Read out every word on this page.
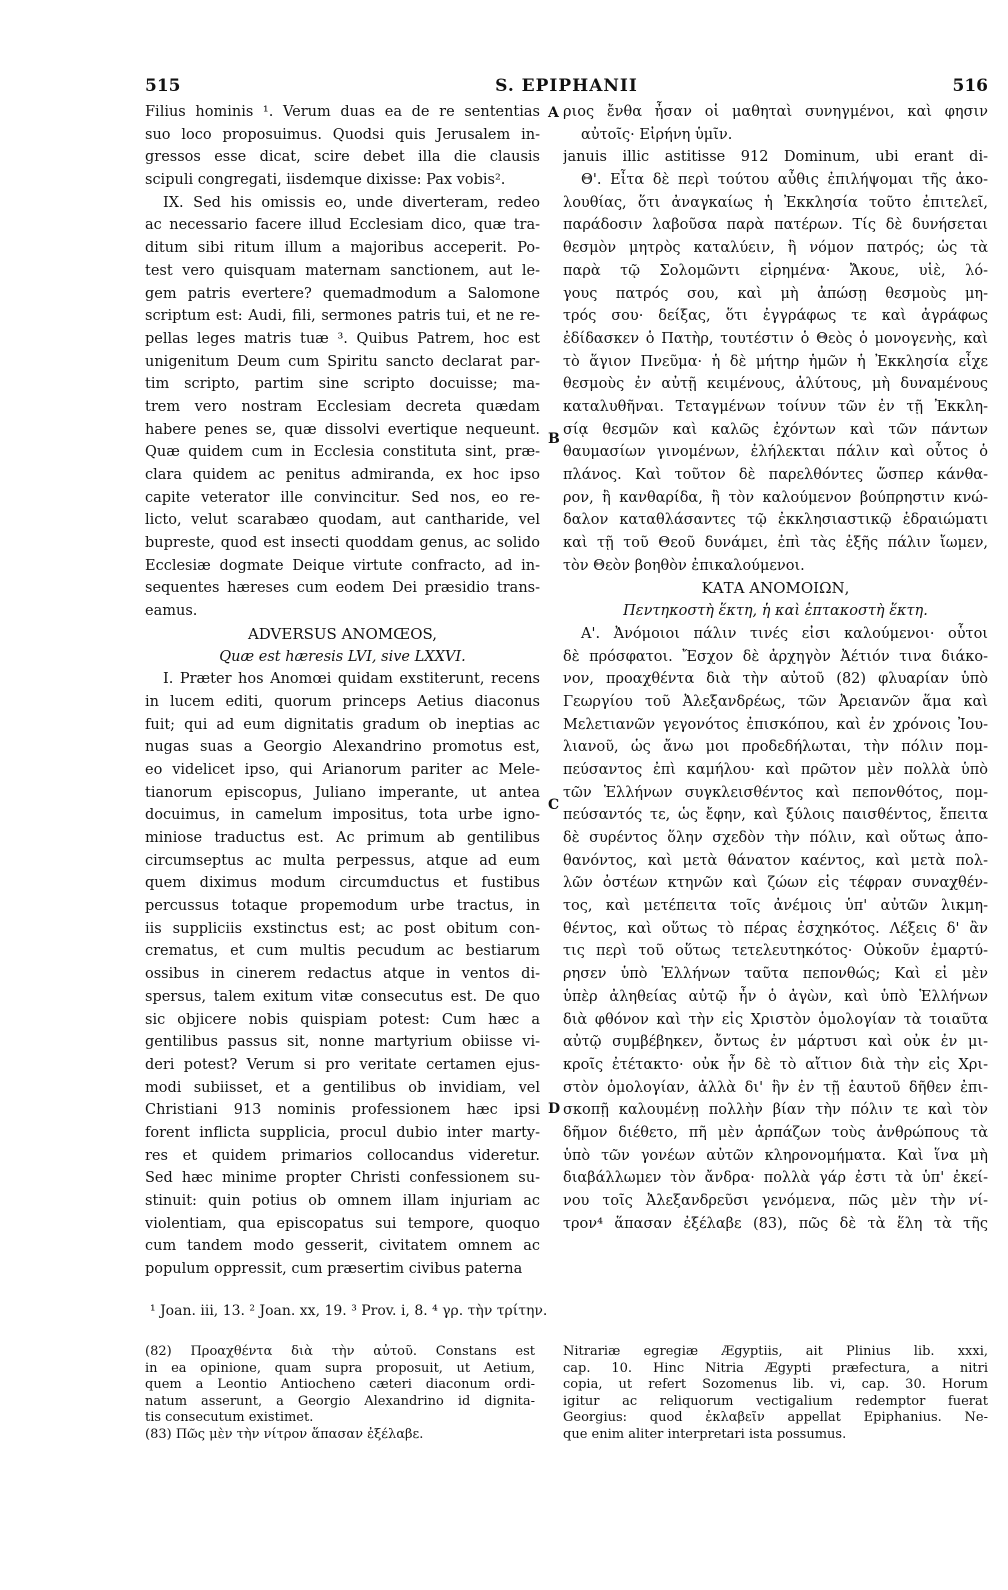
515	S. EPIPHANII	516
Filius hominis ¹. Verum duas ea de re sententias
suo loco proposuimus. Quodsi quis Jerusalem in-
gressos esse dicat, scire debet illa die clausis
scipuli congregati, iisdemque dixisse: Pax vobis².
IX. Sed his omissis eo, unde diverteram, redeo
ac necessario facere illud Ecclesiam dico, quæ tra-
ditum sibi ritum illum a majoribus acceperit. Po-
test vero quisquam maternam sanctionem, aut le-
gem patris evertere? quemadmodum a Salomone
scriptum est: Audi, fili, sermones patris tui, et ne re-
pellas leges matris tuæ ³. Quibus Patrem, hoc est
unigenitum Deum cum Spiritu sancto declarat par-
tim scripto, partim sine scripto docuisse; ma-
trem vero nostram Ecclesiam decreta quædam
habere penes se, quæ dissolvi evertique nequeunt.
Quæ quidem cum in Ecclesia constituta sint, præ-
clara quidem ac penitus admiranda, ex hoc ipso
capite veterator ille convincitur. Sed nos, eo re-
licto, velut scarabæo quodam, aut cantharide, vel
bupreste, quod est insecti quoddam genus, ac solido
Ecclesiæ dogmate Deique virtute confracto, ad in-
sequentes hæreses cum eodem Dei præsidio trans-
eamus.
ADVERSUS ANOMŒOS,
Quæ est hæresis LVI, sive LXXVI.
I. Præter hos Anomœi quidam exstiterunt, recens
in lucem editi, quorum princeps Aetius diaconus
fuit; qui ad eum dignitatis gradum ob ineptias ac
nugas suas a Georgio Alexandrino promotus est,
eo videlicet ipso, qui Arianorum pariter ac Mele-
tianorum episcopus, Juliano imperante, ut antea
docuimus, in camelum impositus, tota urbe igno-
miniose traductus est. Ac primum ab gentilibus
circumseptus ac multa perpessus, atque ad eum
quem diximus modum circumductus et fustibus
percussus totaque propemodum urbe tractus, in
iis suppliciis exstinctus est; ac post obitum con-
crematus, et cum multis pecudum ac bestiarum
ossibus in cinerem redactus atque in ventos di-
spersus, talem exitum vitæ consecutus est. De quo
sic objicere nobis quispiam potest: Cum hæc a
gentilibus passus sit, nonne martyrium obiisse vi-
deri potest? Verum si pro veritate certamen ejus-
modi subiisset, et a gentilibus ob invidiam, vel
Christiani 913 nominis professionem hæc ipsi
forent inflicta supplicia, procul dubio inter marty-
res et quidem primarios collocandus videretur.
Sed hæc minime propter Christi confessionem su-
stinuit: quin potius ob omnem illam injuriam ac
violentiam, qua episcopatus sui tempore, quoquo
cum tandem modo gesserit, civitatem omnem ac
populum oppressit, cum præsertim civibus paterna
ριος ἔνθα ἦσαν οἱ μαθηταὶ συνηγμένοι, καὶ φησιν
αὐτοῖς· Εἰρήνη ὑμῖν.
januis illic astitisse 912 Dominum, ubi erant di-
Θ'. Εἶτα δὲ περὶ τούτου αὖθις ἐπιλήψομαι τῆς ἀκο-
λουθίας, ὅτι ἀναγκαίως ἡ Ἐκκλησία τοῦτο ἐπιτελεῖ,
παράδοσιν λαβοῦσα παρὰ πατέρων. Τίς δὲ δυνήσεται
θεσμὸν μητρὸς καταλύειν, ἢ νόμον πατρός; ὡς τὰ
παρὰ τῷ Σολομῶντι εἰρημένα· Ἄκουε, υἱὲ, λό-
γους πατρός σου, καὶ μὴ ἀπώσῃ θεσμοὺς μη-
τρός σου· δείξας, ὅτι ἐγγράφως τε καὶ ἀγράφως
ἐδίδασκεν ὁ Πατὴρ, τουτέστιν ὁ Θεὸς ὁ μονογενὴς, καὶ
τὸ ἅγιον Πνεῦμα· ἡ δὲ μήτηρ ἡμῶν ἡ Ἐκκλησία εἶχε
θεσμοὺς ἐν αὐτῇ κειμένους, ἀλύτους, μὴ δυναμένους
καταλυθῆναι. Τεταγμένων τοίνυν τῶν ἐν τῇ Ἐκκλη-
σίᾳ θεσμῶν καὶ καλῶς ἐχόντων καὶ τῶν πάντων
θαυμασίων γινομένων, ἐλήλεκται πάλιν καὶ οὗτος ὁ
πλάνος. Καὶ τοῦτον δὲ παρελθόντες ὥσπερ κάνθα-
ρον, ἢ κανθαρίδα, ἢ τὸν καλούμενον βούπρηστιν κνώ-
δαλον καταθλάσαντες τῷ ἐκκλησιαστικῷ ἑδραιώματι
καὶ τῇ τοῦ Θεοῦ δυνάμει, ἐπὶ τὰς ἑξῆς πάλιν ἴωμεν,
τὸν Θεὸν βοηθὸν ἐπικαλούμενοι.
ΚΑΤΑ ΑΝΟΜΟΙΩΝ,
Πεντηκοστὴ ἕκτη, ἡ καὶ ἑπτακοστὴ ἕκτη.
Α'. Ἀνόμοιοι πάλιν τινές εἰσι καλούμενοι· οὗτοι
δὲ πρόσφατοι. Ἔσχον δὲ ἀρχηγὸν Ἀέτιόν τινα διάκο-
νον, προαχθέντα διὰ τὴν αὐτοῦ (82) φλυαρίαν ὑπὸ
Γεωργίου τοῦ Ἀλεξανδρέως, τῶν Ἀρειανῶν ἅμα καὶ
Μελετιανῶν γεγονότος ἐπισκόπου, καὶ ἐν χρόνοις Ἰου-
λιανοῦ, ὡς ἄνω μοι προδεδήλωται, τὴν πόλιν πομ-
πεύσαντος ἐπὶ καμήλου· καὶ πρῶτον μὲν πολλὰ ὑπὸ
τῶν Ἑλλήνων συγκλεισθέντος καὶ πεπονθότος, πομ-
πεύσαντός τε, ὡς ἔφην, καὶ ξύλοις παισθέντος, ἔπειτα
δὲ συρέντος ὅλην σχεδὸν τὴν πόλιν, καὶ οὕτως ἀπο-
θανόντος, καὶ μετὰ θάνατον καέντος, καὶ μετὰ πολ-
λῶν ὀστέων κτηνῶν καὶ ζώων εἰς τέφραν συναχθέν-
τος, καὶ μετέπειτα τοῖς ἀνέμοις ὑπ' αὐτῶν λικμη-
θέντος, καὶ οὕτως τὸ πέρας ἐσχηκότος. Λέξεις δ' ἂν
τις περὶ τοῦ οὕτως τετελευτηκότος· Οὐκοῦν ἐμαρτύ-
ρησεν ὑπὸ Ἑλλήνων ταῦτα πεπονθώς; Καὶ εἰ μὲν
ὑπὲρ ἀληθείας αὐτῷ ἦν ὁ ἀγὼν, καὶ ὑπὸ Ἑλλήνων
διὰ φθόνον καὶ τὴν εἰς Χριστὸν ὁμολογίαν τὰ τοιαῦτα
αὐτῷ συμβέβηκεν, ὄντως ἐν μάρτυσι καὶ οὐκ ἐν μι-
κροῖς ἐτέτακτο· οὐκ ἦν δὲ τὸ αἴτιον διὰ τὴν εἰς Χρι-
στὸν ὁμολογίαν, ἀλλὰ δι' ἣν ἐν τῇ ἑαυτοῦ δῆθεν ἐπι-
σκοπῇ καλουμένῃ πολλὴν βίαν τὴν πόλιν τε καὶ τὸν
δῆμον διέθετο, πῆ μὲν ἁρπάζων τοὺς ἀνθρώπους τὰ
ὑπὸ τῶν γονέων αὐτῶν κληρονομήματα. Καὶ ἵνα μὴ
διαβάλλωμεν τὸν ἄνδρα· πολλὰ γάρ ἐστι τὰ ὑπ' ἐκεί-
νου τοῖς Ἀλεξανδρεῦσι γενόμενα, πῶς μὲν τὴν νί-
τρον⁴ ἅπασαν ἐξέλαβε (83), πῶς δὲ τὰ ἕλη τὰ τῆς
A
B
C
D
¹ Joan. iii, 13. ² Joan. xx, 19. ³ Prov. i, 8. ⁴ γρ. τὴν τρίτην.
(82) Προαχθέντα διὰ τὴν αὐτοῦ. Constans est
in ea opinione, quam supra proposuit, ut Aetium,
quem a Leontio Antiocheno cæteri diaconum ordi-
natum asserunt, a Georgio Alexandrino id dignita-
tis consecutum existimet.
(83) Πῶς μὲν τὴν νίτρον ἅπασαν ἐξέλαβε.
Nitrariæ egregiæ Ægyptiis, ait Plinius lib. xxxi,
cap. 10. Hinc Nitria Ægypti præfectura, a nitri
copia, ut refert Sozomenus lib. vi, cap. 30. Horum
igitur ac reliquorum vectigalium redemptor fuerat
Georgius: quod ἐκλαβεῖν appellat Epiphanius. Ne-
que enim aliter interpretari ista possumus.
